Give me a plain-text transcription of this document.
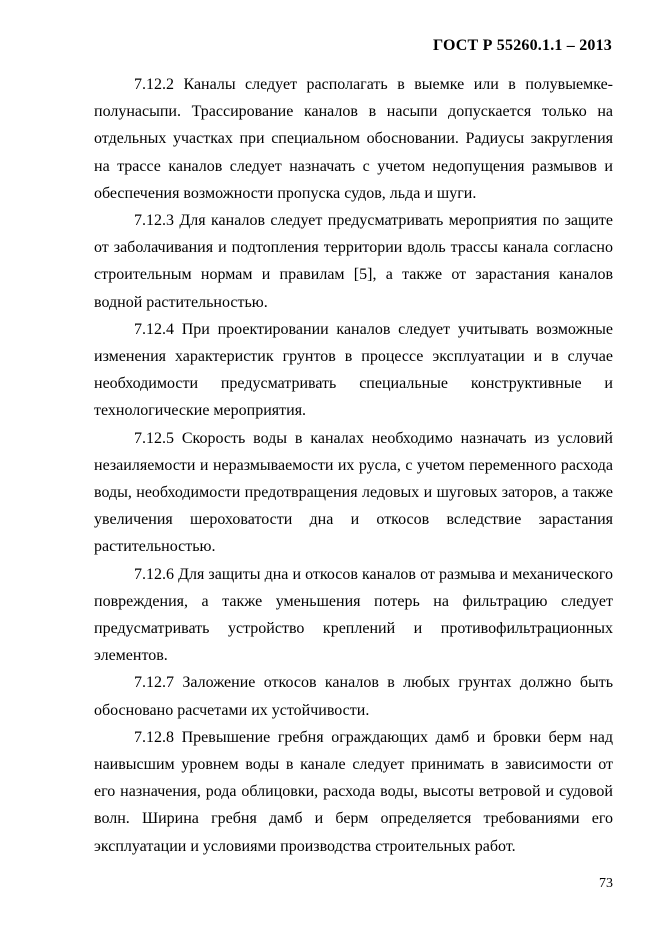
ГОСТ Р 55260.1.1 – 2013

7.12.2 Каналы следует располагать в выемке или в полувыемке-полунасыпи. Трассирование каналов в насыпи допускается только на отдельных участках при специальном обосновании. Радиусы закругления на трассе каналов следует назначать с учетом недопущения размывов и обеспечения возможности пропуска судов, льда и шуги.

7.12.3 Для каналов следует предусматривать мероприятия по защите от заболачивания и подтопления территории вдоль трассы канала согласно строительным нормам и правилам [5], а также от зарастания каналов водной растительностью.

7.12.4 При проектировании каналов следует учитывать возможные изменения характеристик грунтов в процессе эксплуатации и в случае необходимости предусматривать специальные конструктивные и технологические мероприятия.

7.12.5 Скорость воды в каналах необходимо назначать из условий незаиляемости и неразмываемости их русла, с учетом переменного расхода воды, необходимости предотвращения ледовых и шуговых заторов, а также увеличения шероховатости дна и откосов вследствие зарастания растительностью.

7.12.6 Для защиты дна и откосов каналов от размыва и механического повреждения, а также уменьшения потерь на фильтрацию следует предусматривать устройство креплений и противофильтрационных элементов.

7.12.7 Заложение откосов каналов в любых грунтах должно быть обосновано расчетами их устойчивости.

7.12.8 Превышение гребня ограждающих дамб и бровки берм над наивысшим уровнем воды в канале следует принимать в зависимости от его назначения, рода облицовки, расхода воды, высоты ветровой и судовой волн. Ширина гребня дамб и берм определяется требованиями его эксплуатации и условиями производства строительных работ.

73
